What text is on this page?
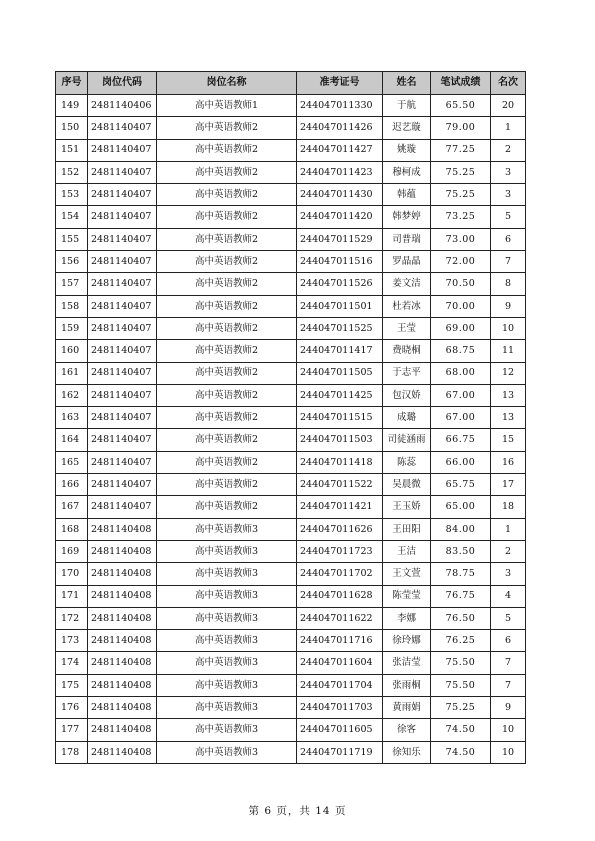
序号	岗位代码	岗位名称	准考证号	姓名	笔试成绩	名次
149	2481140406	高中英语教师1	244047011330	于航	65.50	20
150	2481140407	高中英语教师2	244047011426	迟艺璇	79.00	1
151	2481140407	高中英语教师2	244047011427	姚璇	77.25	2
152	2481140407	高中英语教师2	244047011423	穆柯成	75.25	3
153	2481140407	高中英语教师2	244047011430	韩蕴	75.25	3
154	2481140407	高中英语教师2	244047011420	韩梦婷	73.25	5
155	2481140407	高中英语教师2	244047011529	司普瑞	73.00	6
156	2481140407	高中英语教师2	244047011516	罗晶晶	72.00	7
157	2481140407	高中英语教师2	244047011526	姜文洁	70.50	8
158	2481140407	高中英语教师2	244047011501	杜若冰	70.00	9
159	2481140407	高中英语教师2	244047011525	王莹	69.00	10
160	2481140407	高中英语教师2	244047011417	费晓桐	68.75	11
161	2481140407	高中英语教师2	244047011505	于志平	68.00	12
162	2481140407	高中英语教师2	244047011425	包汉娇	67.00	13
163	2481140407	高中英语教师2	244047011515	成璐	67.00	13
164	2481140407	高中英语教师2	244047011503	司徒涵雨	66.75	15
165	2481140407	高中英语教师2	244047011418	陈蕊	66.00	16
166	2481140407	高中英语教师2	244047011522	吴晨微	65.75	17
167	2481140407	高中英语教师2	244047011421	王玉娇	65.00	18
168	2481140408	高中英语教师3	244047011626	王田阳	84.00	1
169	2481140408	高中英语教师3	244047011723	王洁	83.50	2
170	2481140408	高中英语教师3	244047011702	王文萱	78.75	3
171	2481140408	高中英语教师3	244047011628	陈莹莹	76.75	4
172	2481140408	高中英语教师3	244047011622	李娜	76.50	5
173	2481140408	高中英语教师3	244047011716	徐玲娜	76.25	6
174	2481140408	高中英语教师3	244047011604	张洁莹	75.50	7
175	2481140408	高中英语教师3	244047011704	张雨桐	75.50	7
176	2481140408	高中英语教师3	244047011703	黄雨娟	75.25	9
177	2481140408	高中英语教师3	244047011605	徐客	74.50	10
178	2481140408	高中英语教师3	244047011719	徐知乐	74.50	10
第 6 页，共 14 页
